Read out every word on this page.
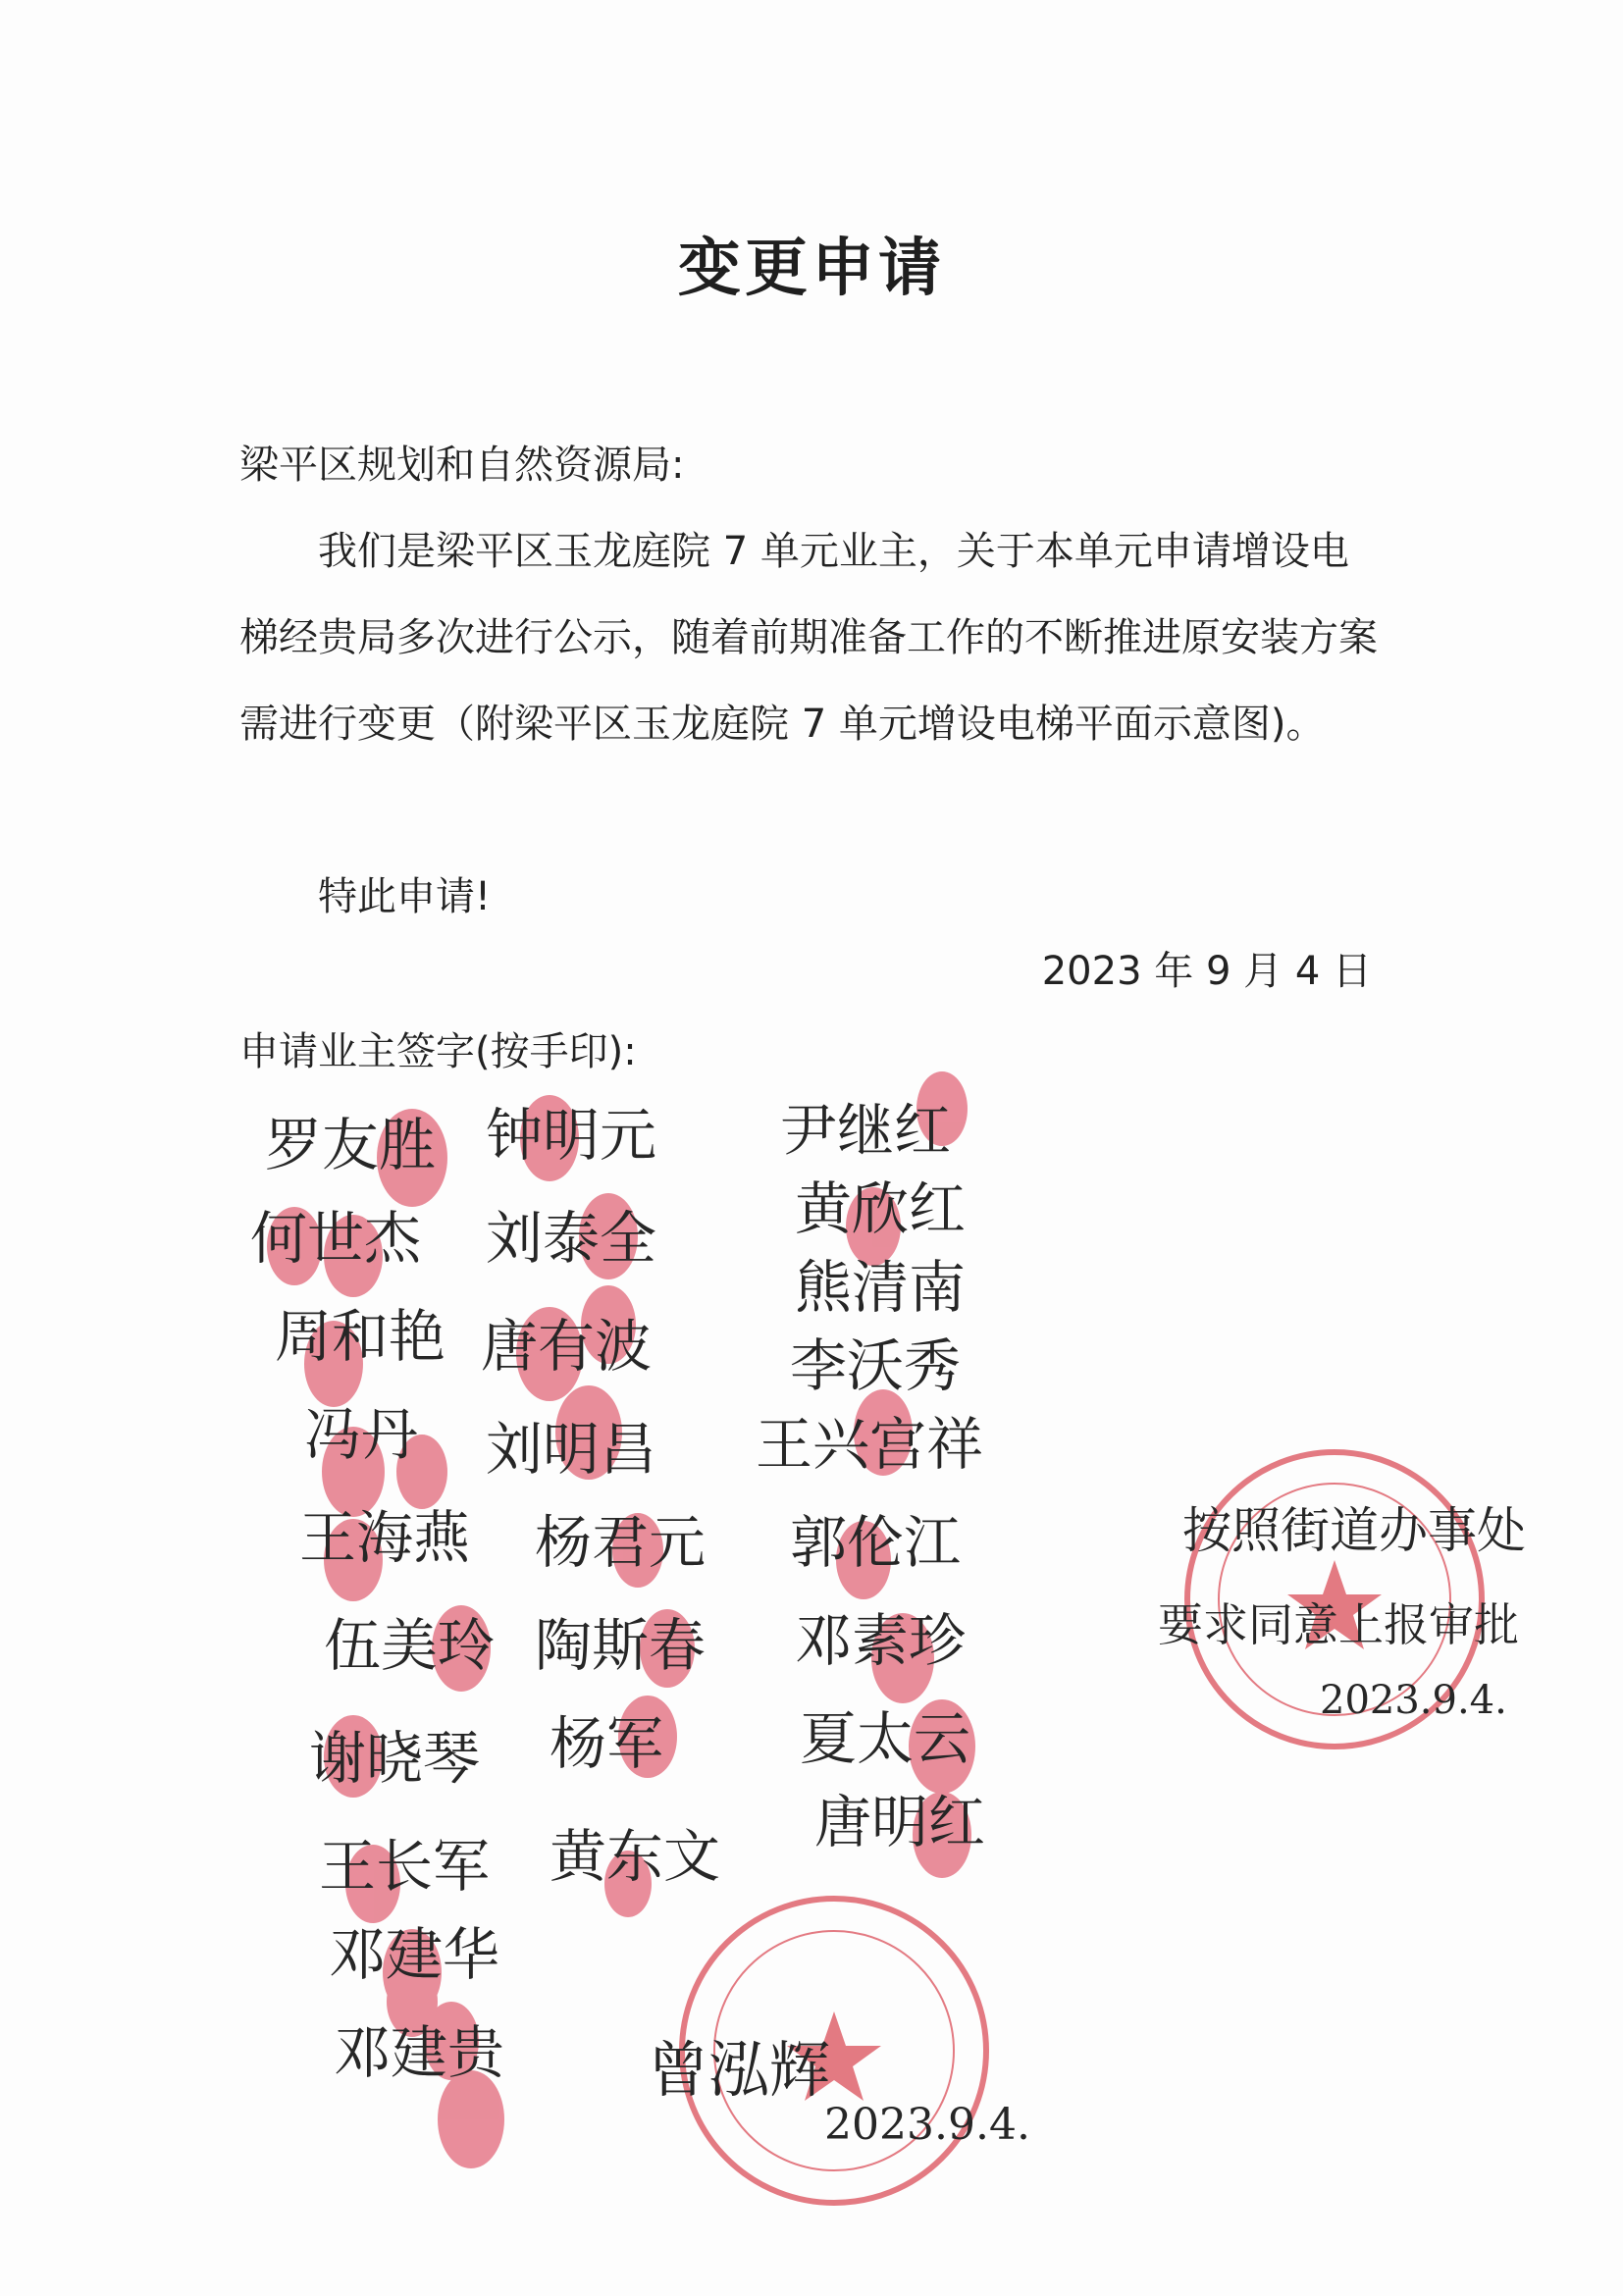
变更申请
梁平区规划和自然资源局:
我们是梁平区玉龙庭院 7 单元业主，关于本单元申请增设电梯经贵局多次进行公示，随着前期准备工作的不断推进原安装方案需进行变更（附梁平区玉龙庭院 7 单元增设电梯平面示意图)。
特此申请!
2023 年 9 月 4 日
申请业主签字(按手印):
罗友胜
何世杰
周和艳
冯丹
王海燕
伍美玲
谢晓琴
王长军
邓建华
邓建贵
钟明元
刘泰全
唐有波
刘明昌
杨君元
陶斯春
杨军
黄东文
尹继红
黄欣红
熊清南
李沃秀
王兴宫祥
郭伦江
邓素珍
夏太云
唐明红
按照街道办事处
要求同意上报审批
2023.9.4.
曾泓辉
2023.9.4.
